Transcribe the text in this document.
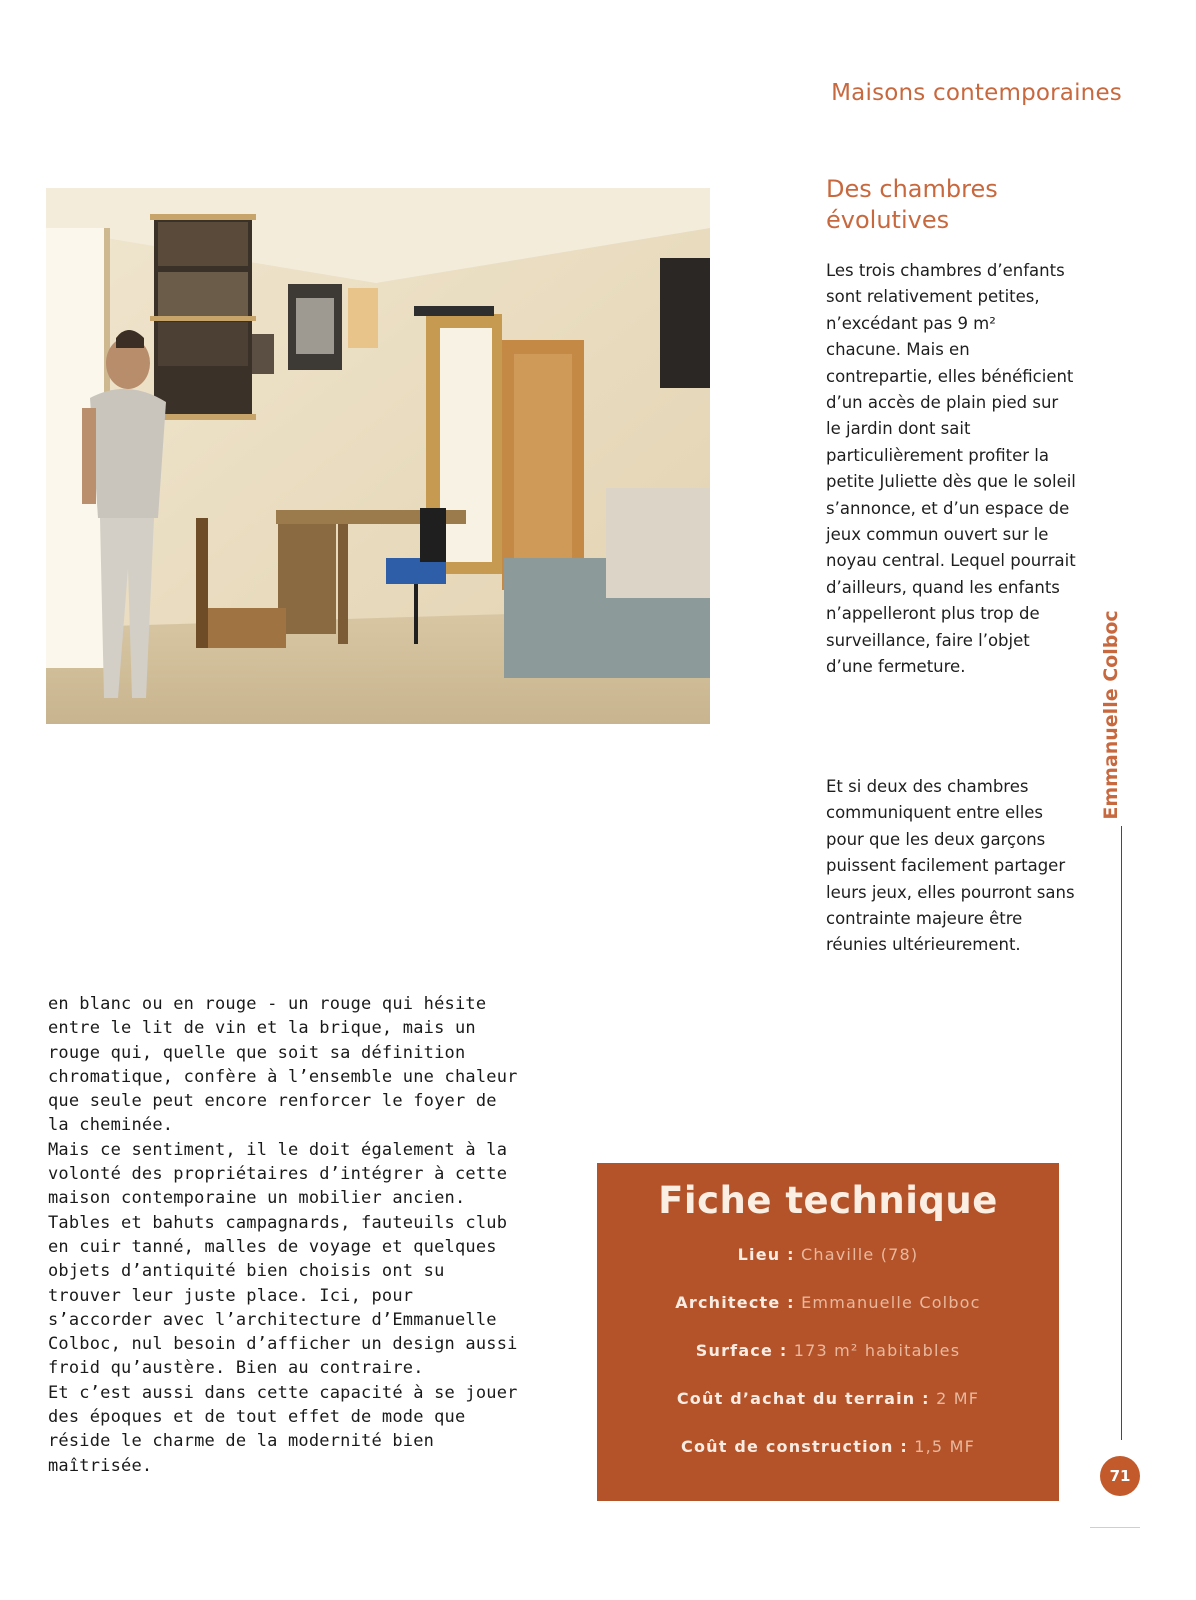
Maisons contemporaines
Des chambres
évolutives

Les trois chambres d’enfants sont relativement petites, n’excédant pas 9 m² chacune. Mais en contrepartie, elles bénéficient d’un accès de plain pied sur le jardin dont sait particulièrement profiter la petite Juliette dès que le soleil s’annonce, et d’un espace de jeux commun ouvert sur le noyau central. Lequel pourrait d’ailleurs, quand les enfants n’appelleront plus trop de surveillance, faire l’objet d’une fermeture.

Et si deux des chambres communiquent entre elles pour que les deux garçons puissent facilement partager leurs jeux, elles pourront sans contrainte majeure être réunies ultérieurement.

en blanc ou en rouge - un rouge qui hésite entre le lit de vin et la brique, mais un rouge qui, quelle que soit sa définition chromatique, confère à l’ensemble une chaleur que seule peut encore renforcer le foyer de la cheminée.

Mais ce sentiment, il le doit également à la volonté des propriétaires d’intégrer à cette maison contemporaine un mobilier ancien. Tables et bahuts campagnards, fauteuils club en cuir tanné, malles de voyage et quelques objets d’antiquité bien choisis ont su trouver leur juste place. Ici, pour s’accorder avec l’architecture d’Emmanuelle Colboc, nul besoin d’afficher un design aussi froid qu’austère. Bien au contraire.

Et c’est aussi dans cette capacité à se jouer des époques et de tout effet de mode que réside le charme de la modernité bien maîtrisée.

Fiche technique
Lieu : Chaville (78)
Architecte : Emmanuelle Colboc
Surface : 173 m² habitables
Coût d’achat du terrain : 2 MF
Coût de construction : 1,5 MF
Emmanuelle Colboc
71
